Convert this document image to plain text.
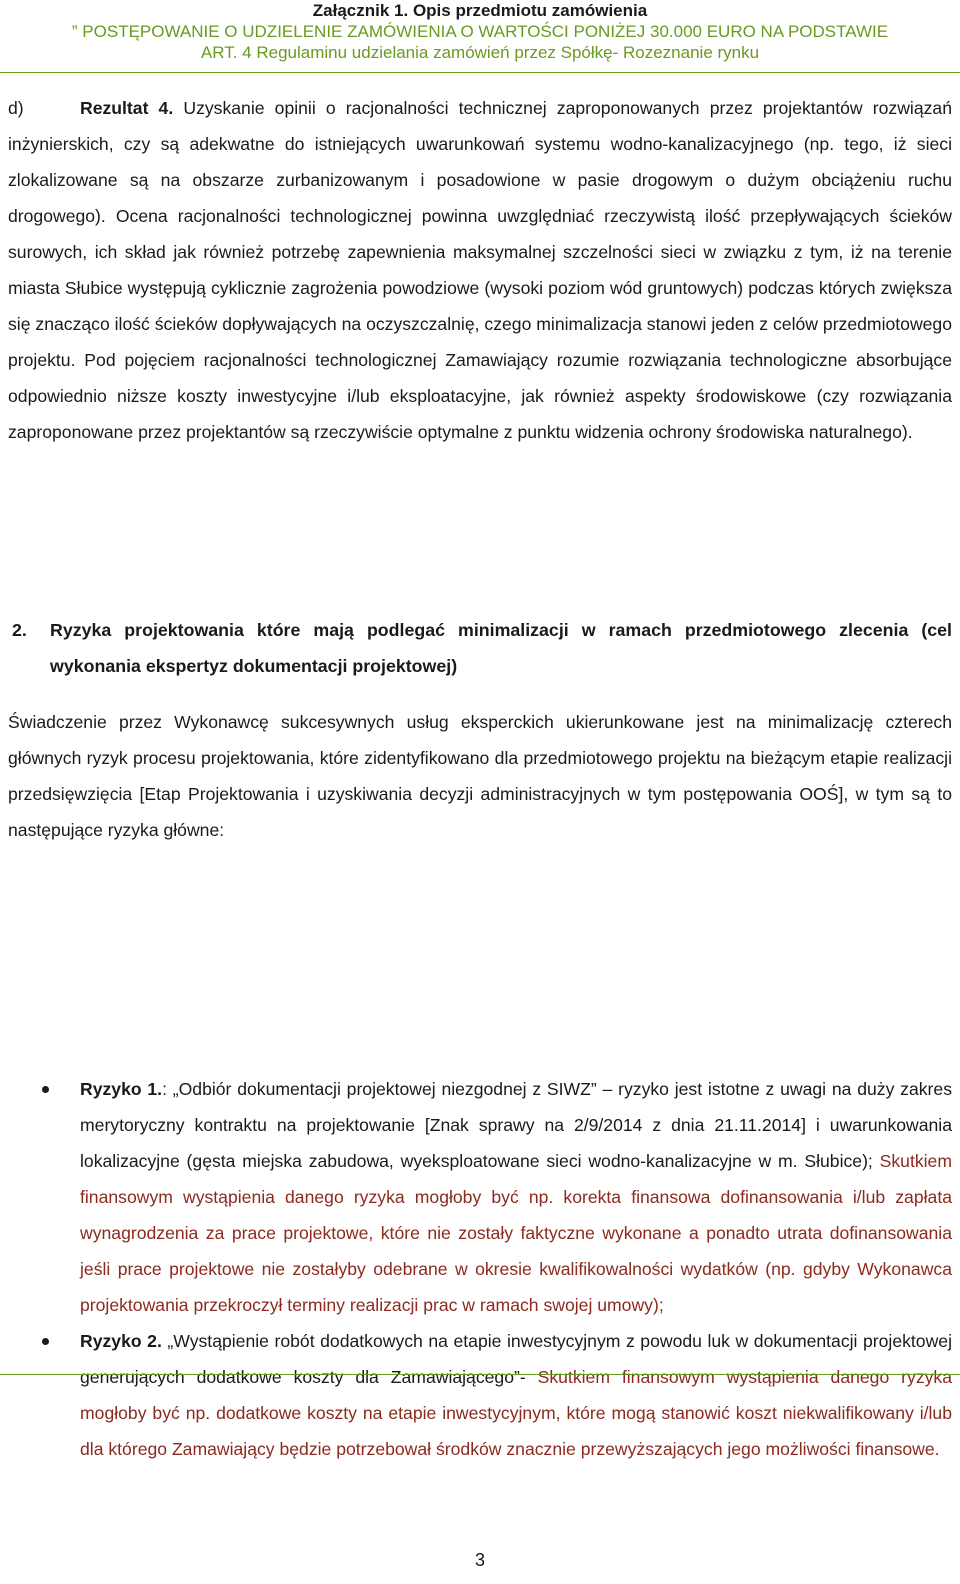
Załącznik 1. Opis przedmiotu zamówienia
” POSTĘPOWANIE O UDZIELENIE ZAMÓWIENIA O WARTOŚCI PONIŻEJ 30.000 EURO NA PODSTAWIE
ART. 4 Regulaminu udzielania zamówień przez Spółkę- Rozeznanie rynku
d)	Rezultat 4. Uzyskanie opinii o racjonalności technicznej zaproponowanych przez projektantów rozwiązań inżynierskich, czy są adekwatne do istniejących uwarunkowań systemu wodno-kanalizacyjnego (np. tego, iż sieci zlokalizowane są na obszarze zurbanizowanym i posadowione w pasie drogowym o dużym obciążeniu ruchu drogowego). Ocena racjonalności technologicznej powinna uwzględniać rzeczywistą ilość przepływających ścieków surowych, ich skład jak również potrzebę zapewnienia maksymalnej szczelności sieci w związku z tym, iż na terenie miasta Słubice występują cyklicznie zagrożenia powodziowe (wysoki poziom wód gruntowych) podczas których zwiększa się znacząco ilość ścieków dopływających na oczyszczalnię, czego minimalizacja stanowi jeden z celów przedmiotowego projektu. Pod pojęciem racjonalności technologicznej Zamawiający rozumie rozwiązania technologiczne absorbujące odpowiednio niższe koszty inwestycyjne i/lub eksploatacyjne, jak również aspekty środowiskowe (czy rozwiązania zaproponowane przez projektantów są rzeczywiście optymalne z punktu widzenia ochrony środowiska naturalnego).
2. Ryzyka projektowania które mają podlegać minimalizacji w ramach przedmiotowego zlecenia (cel wykonania ekspertyz dokumentacji projektowej)
Świadczenie przez Wykonawcę sukcesywnych usług eksperckich ukierunkowane jest na minimalizację czterech głównych ryzyk procesu projektowania, które zidentyfikowano dla przedmiotowego projektu na bieżącym etapie realizacji przedsięwzięcia [Etap Projektowania i uzyskiwania decyzji administracyjnych w tym postępowania OOŚ], w tym są to następujące ryzyka główne:
Ryzyko 1.: „Odbiór dokumentacji projektowej niezgodnej z SIWZ” – ryzyko jest istotne z uwagi na duży zakres merytoryczny kontraktu na projektowanie [Znak sprawy na 2/9/2014 z dnia 21.11.2014] i uwarunkowania lokalizacyjne (gęsta miejska zabudowa, wyeksploatowane sieci wodno-kanalizacyjne w m. Słubice); Skutkiem finansowym wystąpienia danego ryzyka mogłoby być np. korekta finansowa dofinansowania i/lub zapłata wynagrodzenia za prace projektowe, które nie zostały faktyczne wykonane a ponadto utrata dofinansowania jeśli prace projektowe nie zostałyby odebrane w okresie kwalifikowalności wydatków (np. gdyby Wykonawca projektowania przekroczył terminy realizacji prac w ramach swojej umowy);
Ryzyko 2. „Wystąpienie robót dodatkowych na etapie inwestycyjnym z powodu luk w dokumentacji projektowej generujących dodatkowe koszty dla Zamawiającego”- Skutkiem finansowym wystąpienia danego ryzyka mogłoby być np. dodatkowe koszty na etapie inwestycyjnym, które mogą stanowić koszt niekwalifikowany i/lub dla którego Zamawiający będzie potrzebował środków znacznie przewyższających jego możliwości finansowe.
3
